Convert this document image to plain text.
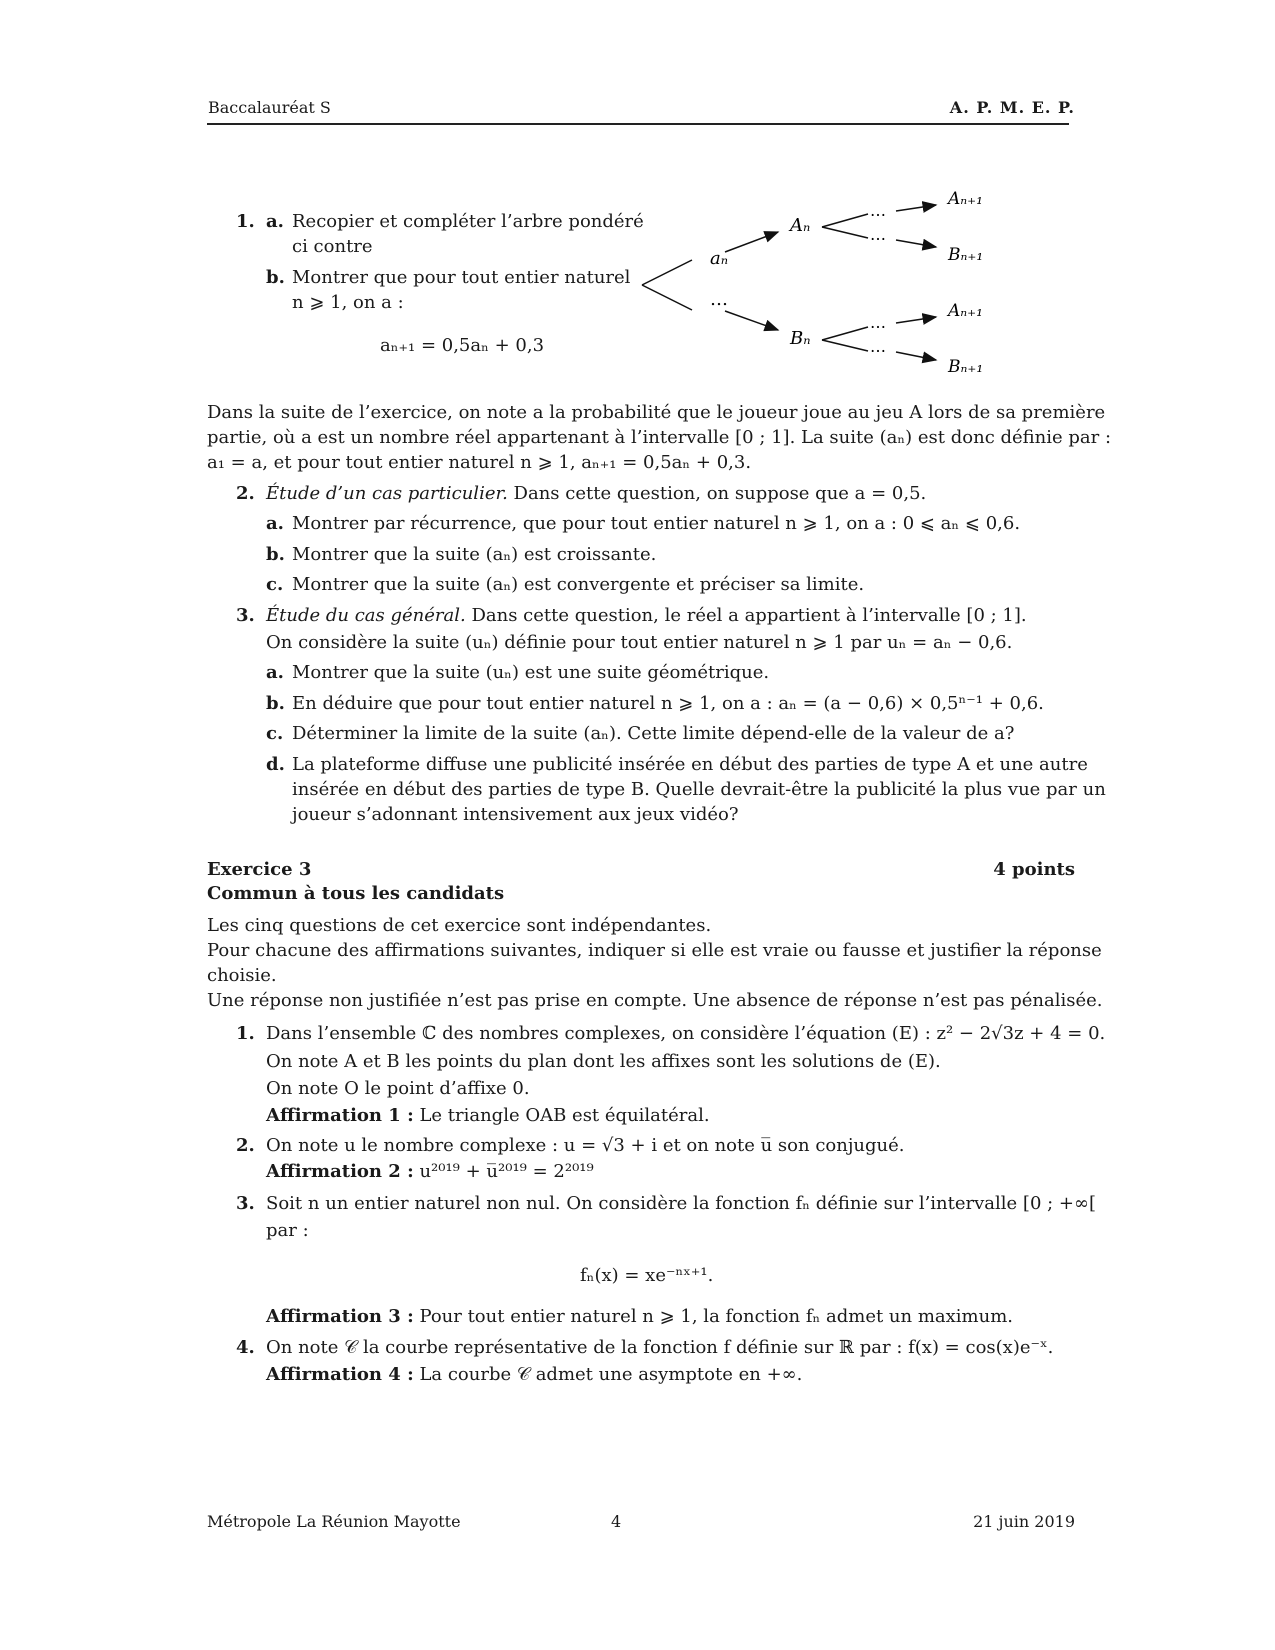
Baccalauréat S	A. P. M. E. P.
1. a. Recopier et compléter l’arbre pondéré
ci contre
b. Montrer que pour tout entier naturel
n ⩾ 1, on a :
aₙ₊₁ = 0,5aₙ + 0,3
aₙ
…
Aₙ
Bₙ
…
…
…
…
Aₙ₊₁
Bₙ₊₁
Aₙ₊₁
Bₙ₊₁
Dans la suite de l’exercice, on note a la probabilité que le joueur joue au jeu A lors de sa première
partie, où a est un nombre réel appartenant à l’intervalle [0 ; 1]. La suite (aₙ) est donc définie par :
a₁ = a, et pour tout entier naturel n ⩾ 1, aₙ₊₁ = 0,5aₙ + 0,3.
2. Étude d’un cas particulier. Dans cette question, on suppose que a = 0,5.
a. Montrer par récurrence, que pour tout entier naturel n ⩾ 1, on a : 0 ⩽ aₙ ⩽ 0,6.
b. Montrer que la suite (aₙ) est croissante.
c. Montrer que la suite (aₙ) est convergente et préciser sa limite.
3. Étude du cas général. Dans cette question, le réel a appartient à l’intervalle [0 ; 1].
On considère la suite (uₙ) définie pour tout entier naturel n ⩾ 1 par uₙ = aₙ − 0,6.
a. Montrer que la suite (uₙ) est une suite géométrique.
b. En déduire que pour tout entier naturel n ⩾ 1, on a : aₙ = (a − 0,6) × 0,5ⁿ⁻¹ + 0,6.
c. Déterminer la limite de la suite (aₙ). Cette limite dépend-elle de la valeur de a?
d. La plateforme diffuse une publicité insérée en début des parties de type A et une autre
insérée en début des parties de type B. Quelle devrait-être la publicité la plus vue par un
joueur s’adonnant intensivement aux jeux vidéo?
Exercice 3	4 points
Commun à tous les candidats
Les cinq questions de cet exercice sont indépendantes.
Pour chacune des affirmations suivantes, indiquer si elle est vraie ou fausse et justifier la réponse
choisie.
Une réponse non justifiée n’est pas prise en compte. Une absence de réponse n’est pas pénalisée.
1. Dans l’ensemble ℂ des nombres complexes, on considère l’équation (E) : z² − 2√3z + 4 = 0.
On note A et B les points du plan dont les affixes sont les solutions de (E).
On note O le point d’affixe 0.
Affirmation 1 : Le triangle OAB est équilatéral.
2. On note u le nombre complexe : u = √3 + i et on note u̅ son conjugué.
Affirmation 2 : u²⁰¹⁹ + u̅²⁰¹⁹ = 2²⁰¹⁹
3. Soit n un entier naturel non nul. On considère la fonction fₙ définie sur l’intervalle [0 ; +∞[
par :
fₙ(x) = xe⁻ⁿˣ⁺¹.
Affirmation 3 : Pour tout entier naturel n ⩾ 1, la fonction fₙ admet un maximum.
4. On note 𝒞 la courbe représentative de la fonction f définie sur ℝ par : f(x) = cos(x)e⁻ˣ.
Affirmation 4 : La courbe 𝒞 admet une asymptote en +∞.
Métropole La Réunion Mayotte	4	21 juin 2019
